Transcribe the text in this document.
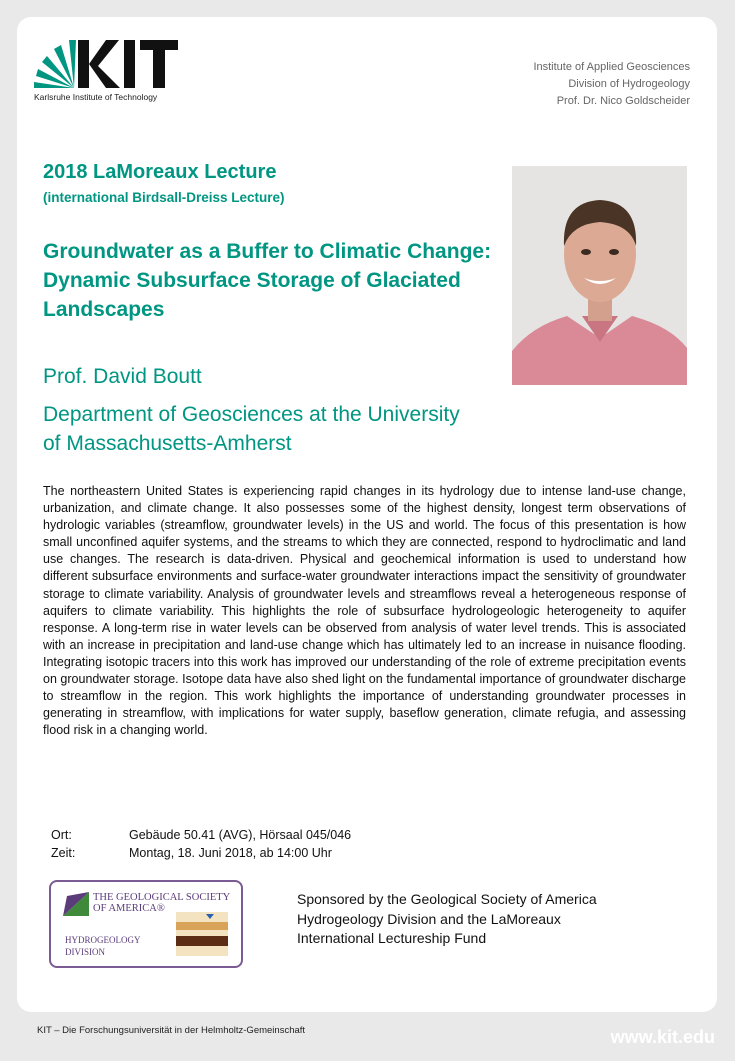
Karlsruhe Institute of Technology
Institute of Applied Geosciences
Division of Hydrogeology
Prof. Dr. Nico Goldscheider
2018 LaMoreaux Lecture
(international Birdsall-Dreiss Lecture)
Groundwater as a Buffer to Climatic Change: Dynamic Subsurface Storage of Glaciated Landscapes
Prof. David Boutt
Department of Geosciences at the University of Massachusetts-Amherst

The northeastern United States is experiencing rapid changes in its hydrology due to intense land-use change, urbanization, and climate change. It also possesses some of the highest density, longest term observations of hydrologic variables (streamflow, groundwater levels) in the US and world. The focus of this presentation is how small unconfined aquifer systems, and the streams to which they are connected, respond to hydroclimatic and land use changes. The research is data-driven. Physical and geochemical information is used to understand how different subsurface environments and surface-water groundwater interactions impact the sensitivity of groundwater storage to climate variability. Analysis of groundwater levels and streamflows reveal a heterogeneous response of aquifers to climate variability. This highlights the role of subsurface hydrologeologic heterogeneity to aquifer response. A long-term rise in water levels can be observed from analysis of water level trends. This is associated with an increase in precipitation and land-use change which has ultimately led to an increase in nuisance flooding. Integrating isotopic tracers into this work has improved our understanding of the role of extreme precipitation events on groundwater storage. Isotope data have also shed light on the fundamental importance of groundwater discharge to streamflow in the region. This work highlights the importance of understanding groundwater processes in generating in streamflow, with implications for water supply, baseflow generation, climate refugia, and assessing flood risk in a changing world.

Ort:	Gebäude 50.41 (AVG), Hörsaal 045/046
Zeit:	Montag, 18. Juni 2018, ab 14:00 Uhr
THE GEOLOGICAL SOCIETY OF AMERICA®
HYDROGEOLOGY
DIVISION
Sponsored by the Geological Society of America Hydrogeology Division and the LaMoreaux International Lectureship Fund
KIT – Die Forschungsuniversität in der Helmholtz-Gemeinschaft	www.kit.edu
